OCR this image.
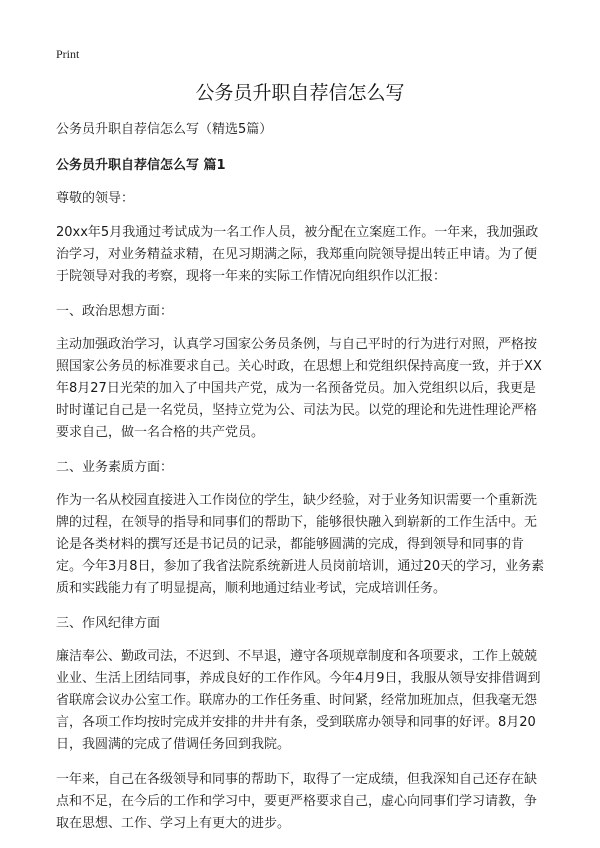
Print
公务员升职自荐信怎么写

公务员升职自荐信怎么写（精选5篇）

公务员升职自荐信怎么写 篇1

尊敬的领导：

20xx年5月我通过考试成为一名工作人员，被分配在立案庭工作。一年来，我加强政治学习，对业务精益求精，在见习期满之际，我郑重向院领导提出转正申请。为了便于院领导对我的考察，现将一年来的实际工作情况向组织作以汇报：

一、政治思想方面：

主动加强政治学习，认真学习国家公务员条例，与自己平时的行为进行对照，严格按照国家公务员的标准要求自己。关心时政，在思想上和党组织保持高度一致，并于XX年8月27日光荣的加入了中国共产党，成为一名预备党员。加入党组织以后，我更是时时谨记自己是一名党员，坚持立党为公、司法为民。以党的理论和先进性理论严格要求自己，做一名合格的共产党员。

二、业务素质方面：

作为一名从校园直接进入工作岗位的学生，缺少经验，对于业务知识需要一个重新洗牌的过程，在领导的指导和同事们的帮助下，能够很快融入到崭新的工作生活中。无论是各类材料的撰写还是书记员的记录，都能够圆满的完成，得到领导和同事的肯定。今年3月8日，参加了我省法院系统新进人员岗前培训，通过20天的学习，业务素质和实践能力有了明显提高，顺利地通过结业考试，完成培训任务。

三、作风纪律方面

廉洁奉公、勤政司法，不迟到、不早退，遵守各项规章制度和各项要求，工作上兢兢业业、生活上团结同事，养成良好的工作作风。今年4月9日，我服从领导安排借调到省联席会议办公室工作。联席办的工作任务重、时间紧，经常加班加点，但我毫无怨言，各项工作均按时完成并安排的井井有条，受到联席办领导和同事的好评。8月20日，我圆满的完成了借调任务回到我院。

一年来，自己在各级领导和同事的帮助下，取得了一定成绩，但我深知自己还存在缺点和不足，在今后的工作和学习中，要更严格要求自己，虚心向同事们学习请教，争取在思想、工作、学习上有更大的进步。
